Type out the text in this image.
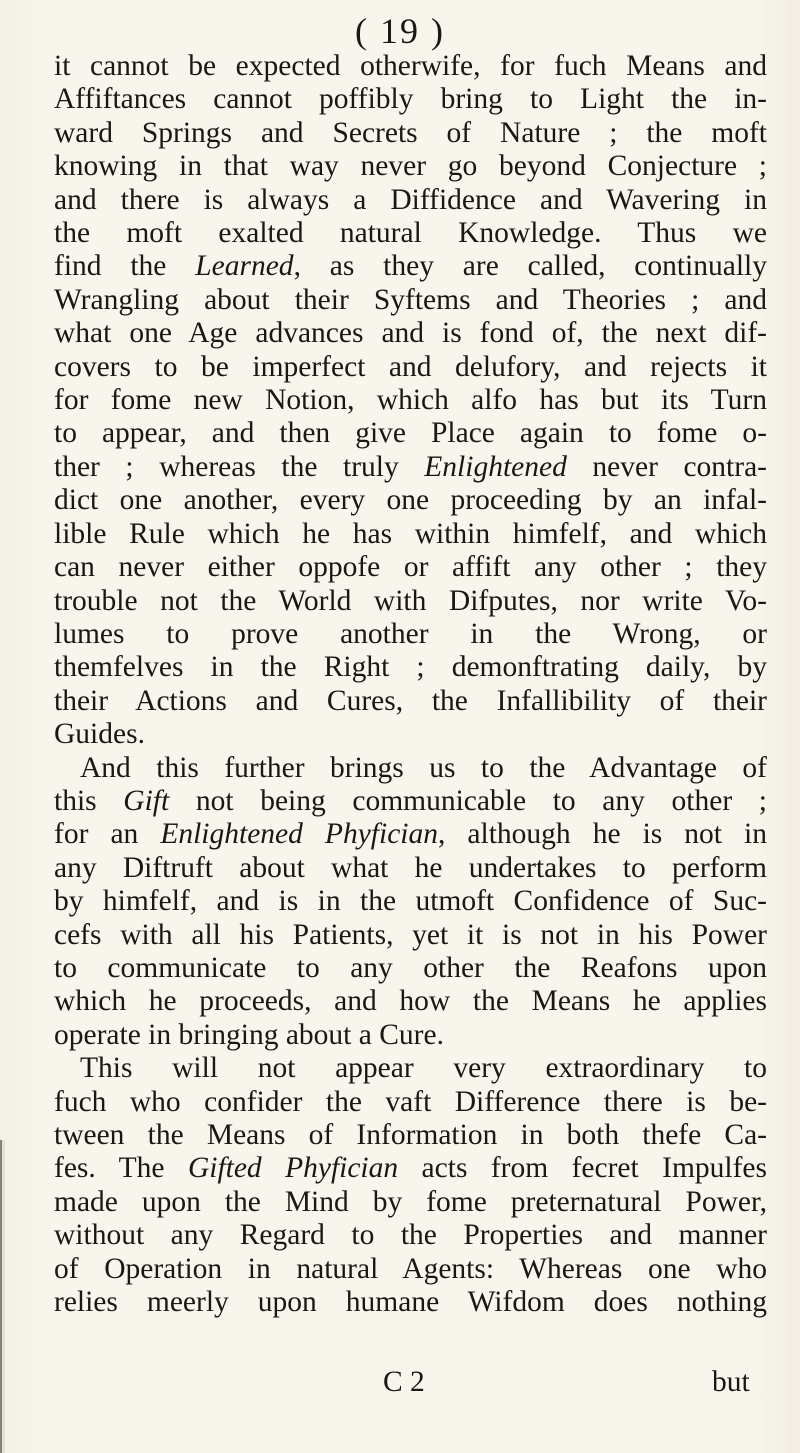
( 19 )
it cannot be expected otherwife, for fuch Means and
Affiftances cannot poffibly bring to Light the in-
ward Springs and Secrets of Nature ; the moft
knowing in that way never go beyond Conjecture ;
and there is always a Diffidence and Wavering in
the moft exalted natural Knowledge. Thus we
find the Learned, as they are called, continually
Wrangling about their Syftems and Theories ; and
what one Age advances and is fond of, the next dif-
covers to be imperfect and delufory, and rejects it
for fome new Notion, which alfo has but its Turn
to appear, and then give Place again to fome o-
ther ; whereas the truly Enlightened never contra-
dict one another, every one proceeding by an infal-
lible Rule which he has within himfelf, and which
can never either oppofe or affift any other ; they
trouble not the World with Difputes, nor write Vo-
lumes to prove another in the Wrong, or
themfelves in the Right ; demonftrating daily, by
their Actions and Cures, the Infallibility of their
Guides.
And this further brings us to the Advantage of
this Gift not being communicable to any other ;
for an Enlightened Phyfician, although he is not in
any Diftruft about what he undertakes to perform
by himfelf, and is in the utmoft Confidence of Suc-
cefs with all his Patients, yet it is not in his Power
to communicate to any other the Reafons upon
which he proceeds, and how the Means he applies
operate in bringing about a Cure.
This will not appear very extraordinary to
fuch who confider the vaft Difference there is be-
tween the Means of Information in both thefe Ca-
fes. The Gifted Phyfician acts from fecret Impulfes
made upon the Mind by fome preternatural Power,
without any Regard to the Properties and manner
of Operation in natural Agents: Whereas one who
relies meerly upon humane Wifdom does nothing
C 2	but
